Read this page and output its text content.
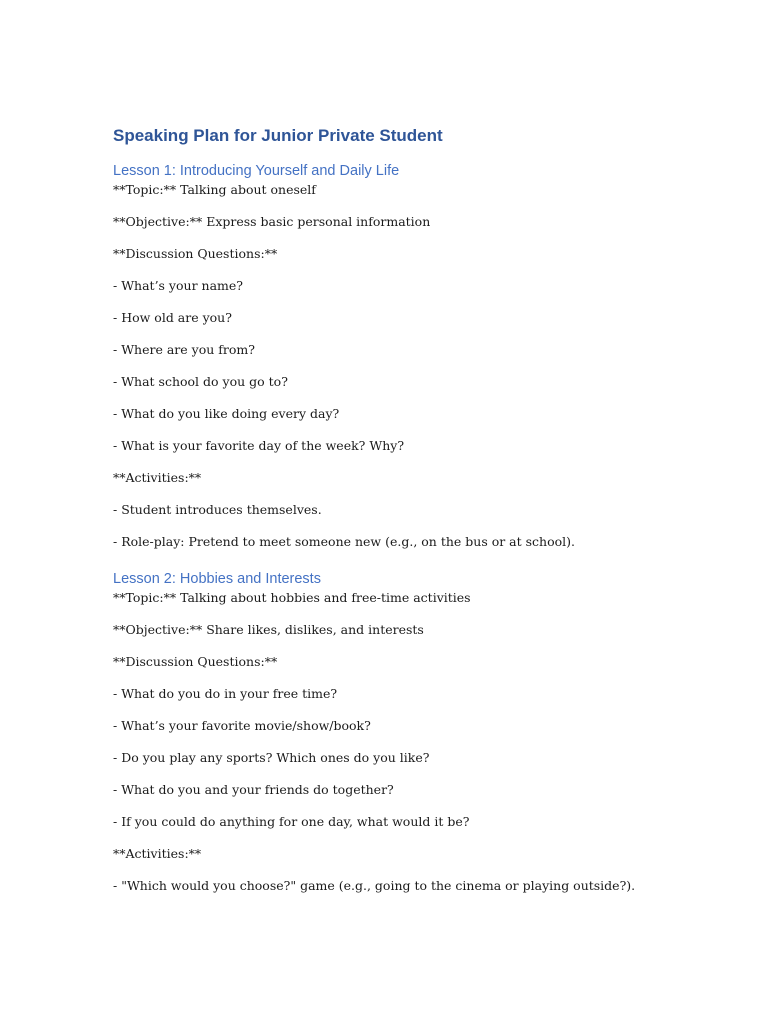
Speaking Plan for Junior Private Student
Lesson 1: Introducing Yourself and Daily Life

**Topic:** Talking about oneself

**Objective:** Express basic personal information

**Discussion Questions:**

- What’s your name?

- How old are you?

- Where are you from?

- What school do you go to?

- What do you like doing every day?

- What is your favorite day of the week? Why?

**Activities:**

- Student introduces themselves.

- Role-play: Pretend to meet someone new (e.g., on the bus or at school).

Lesson 2: Hobbies and Interests

**Topic:** Talking about hobbies and free-time activities

**Objective:** Share likes, dislikes, and interests

**Discussion Questions:**

- What do you do in your free time?

- What’s your favorite movie/show/book?

- Do you play any sports? Which ones do you like?

- What do you and your friends do together?

- If you could do anything for one day, what would it be?

**Activities:**

- "Which would you choose?" game (e.g., going to the cinema or playing outside?).
